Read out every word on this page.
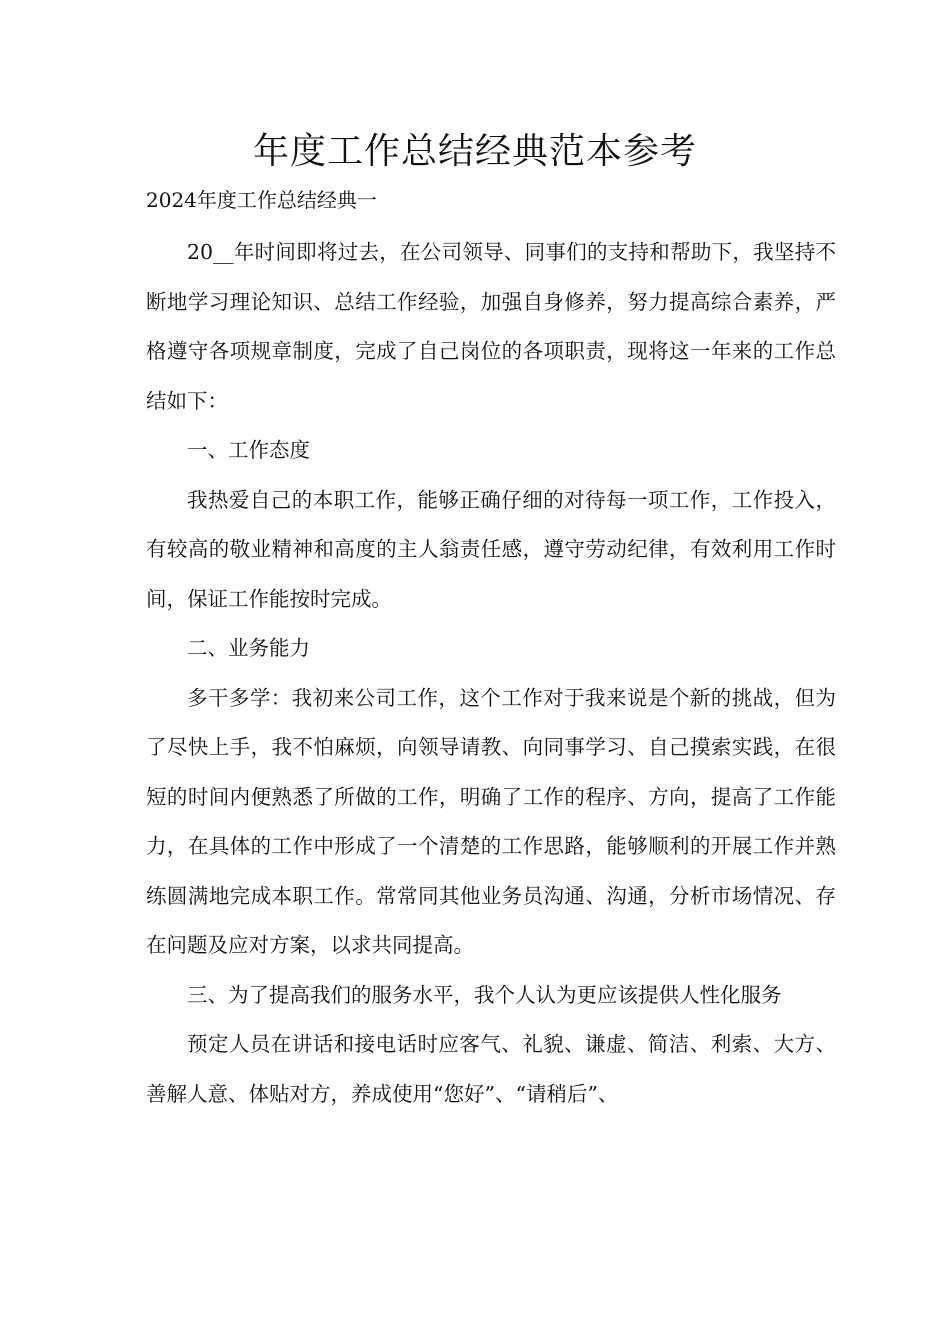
年度工作总结经典范本参考
2024年度工作总结经典一

20__年时间即将过去，在公司领导、同事们的支持和帮助下，我坚持不断地学习理论知识、总结工作经验，加强自身修养，努力提高综合素养，严格遵守各项规章制度，完成了自己岗位的各项职责，现将这一年来的工作总结如下：

一、工作态度

我热爱自己的本职工作，能够正确仔细的对待每一项工作，工作投入，有较高的敬业精神和高度的主人翁责任感，遵守劳动纪律，有效利用工作时间，保证工作能按时完成。

二、业务能力

多干多学：我初来公司工作，这个工作对于我来说是个新的挑战，但为了尽快上手，我不怕麻烦，向领导请教、向同事学习、自己摸索实践，在很短的时间内便熟悉了所做的工作，明确了工作的程序、方向，提高了工作能力，在具体的工作中形成了一个清楚的工作思路，能够顺利的开展工作并熟练圆满地完成本职工作。常常同其他业务员沟通、沟通，分析市场情况、存在问题及应对方案，以求共同提高。

三、为了提高我们的服务水平，我个人认为更应该提供人性化服务

预定人员在讲话和接电话时应客气、礼貌、谦虚、简洁、利索、大方、善解人意、体贴对方，养成使用“您好”、“请稍后”、
